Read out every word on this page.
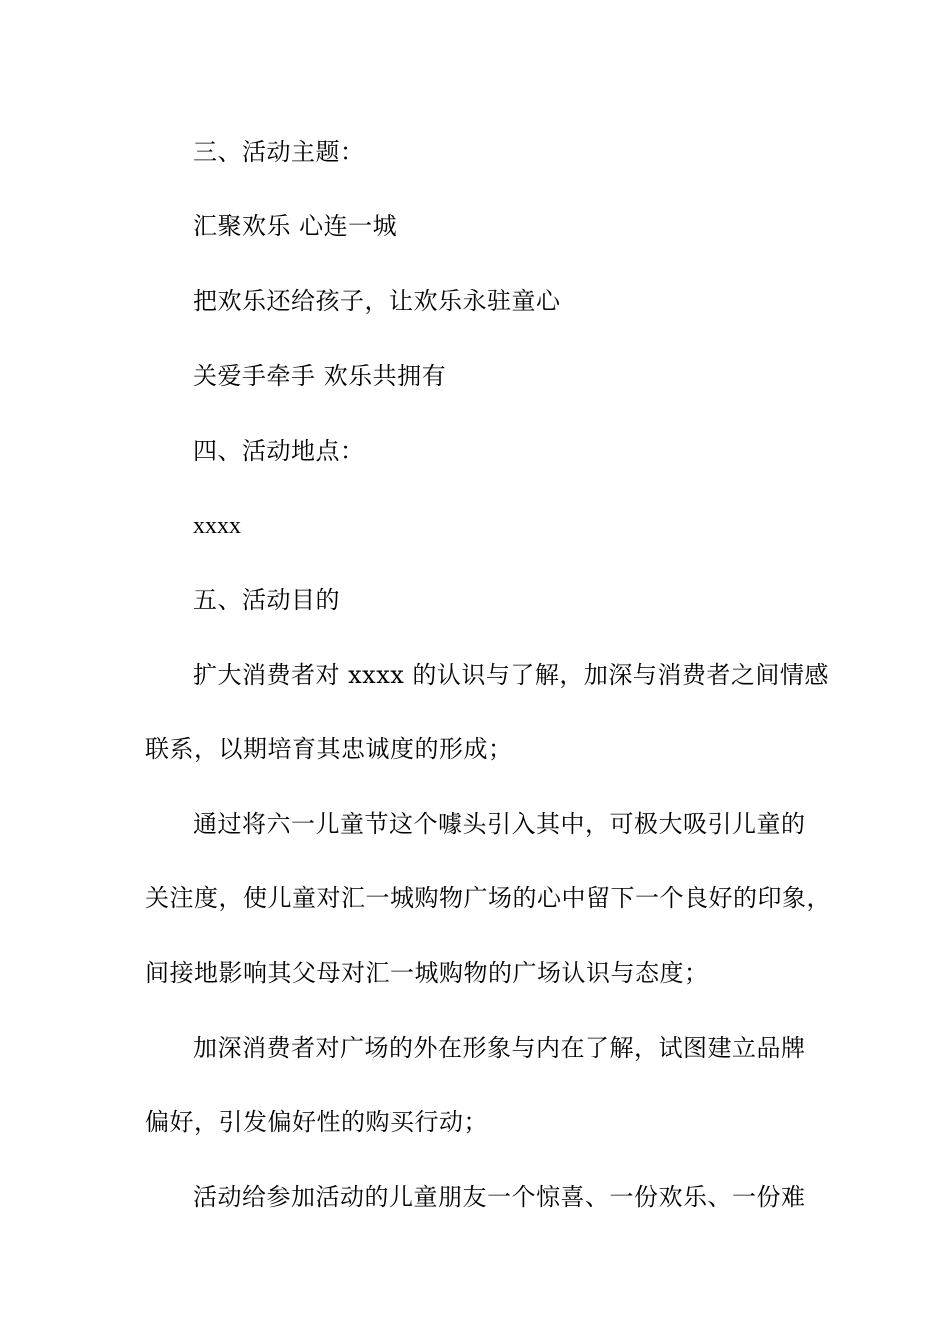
三、活动主题：
汇聚欢乐 心连一城
把欢乐还给孩子，让欢乐永驻童心
关爱手牵手 欢乐共拥有
四、活动地点：
xxxx
五、活动目的
扩大消费者对 xxxx 的认识与了解，加深与消费者之间情感
联系，以期培育其忠诚度的形成；
通过将六一儿童节这个噱头引入其中，可极大吸引儿童的
关注度，使儿童对汇一城购物广场的心中留下一个良好的印象，
间接地影响其父母对汇一城购物的广场认识与态度；
加深消费者对广场的外在形象与内在了解，试图建立品牌
偏好，引发偏好性的购买行动；
活动给参加活动的儿童朋友一个惊喜、一份欢乐、一份难
